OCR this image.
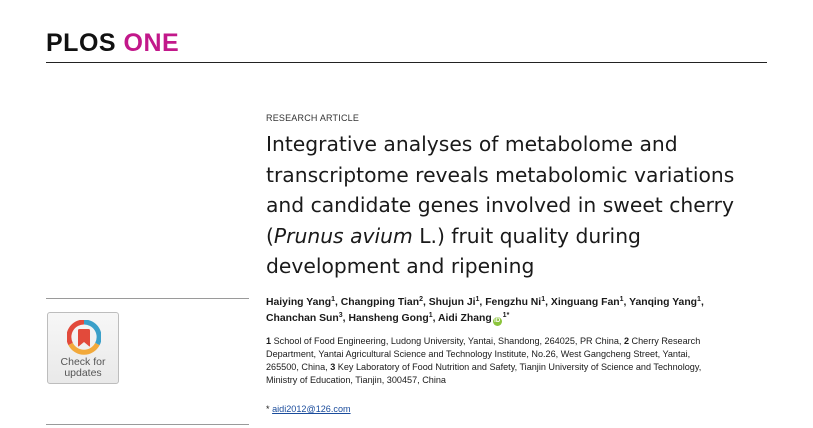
PLOS ONE
Check for
updates
RESEARCH ARTICLE
Integrative analyses of metabolome and
transcriptome reveals metabolomic variations
and candidate genes involved in sweet cherry
(Prunus avium L.) fruit quality during
development and ripening
Haiying Yang$^1$, Changping Tian$^2$, Shujun Ji$^1$, Fengzhu Ni$^1$, Xinguang Fan$^1$, Yanqing Yang$^1$,
Chanchan Sun$^3$, Hansheng Gong$^1$, Aidi Zhang $iD^{1*}$
1 School of Food Engineering, Ludong University, Yantai, Shandong, 264025, PR China, 2 Cherry Research
Department, Yantai Agricultural Science and Technology Institute, No.26, West Gangcheng Street, Yantai,
265500, China, 3 Key Laboratory of Food Nutrition and Safety, Tianjin University of Science and Technology,
Ministry of Education, Tianjin, 300457, China
* aidi2012@126.com
